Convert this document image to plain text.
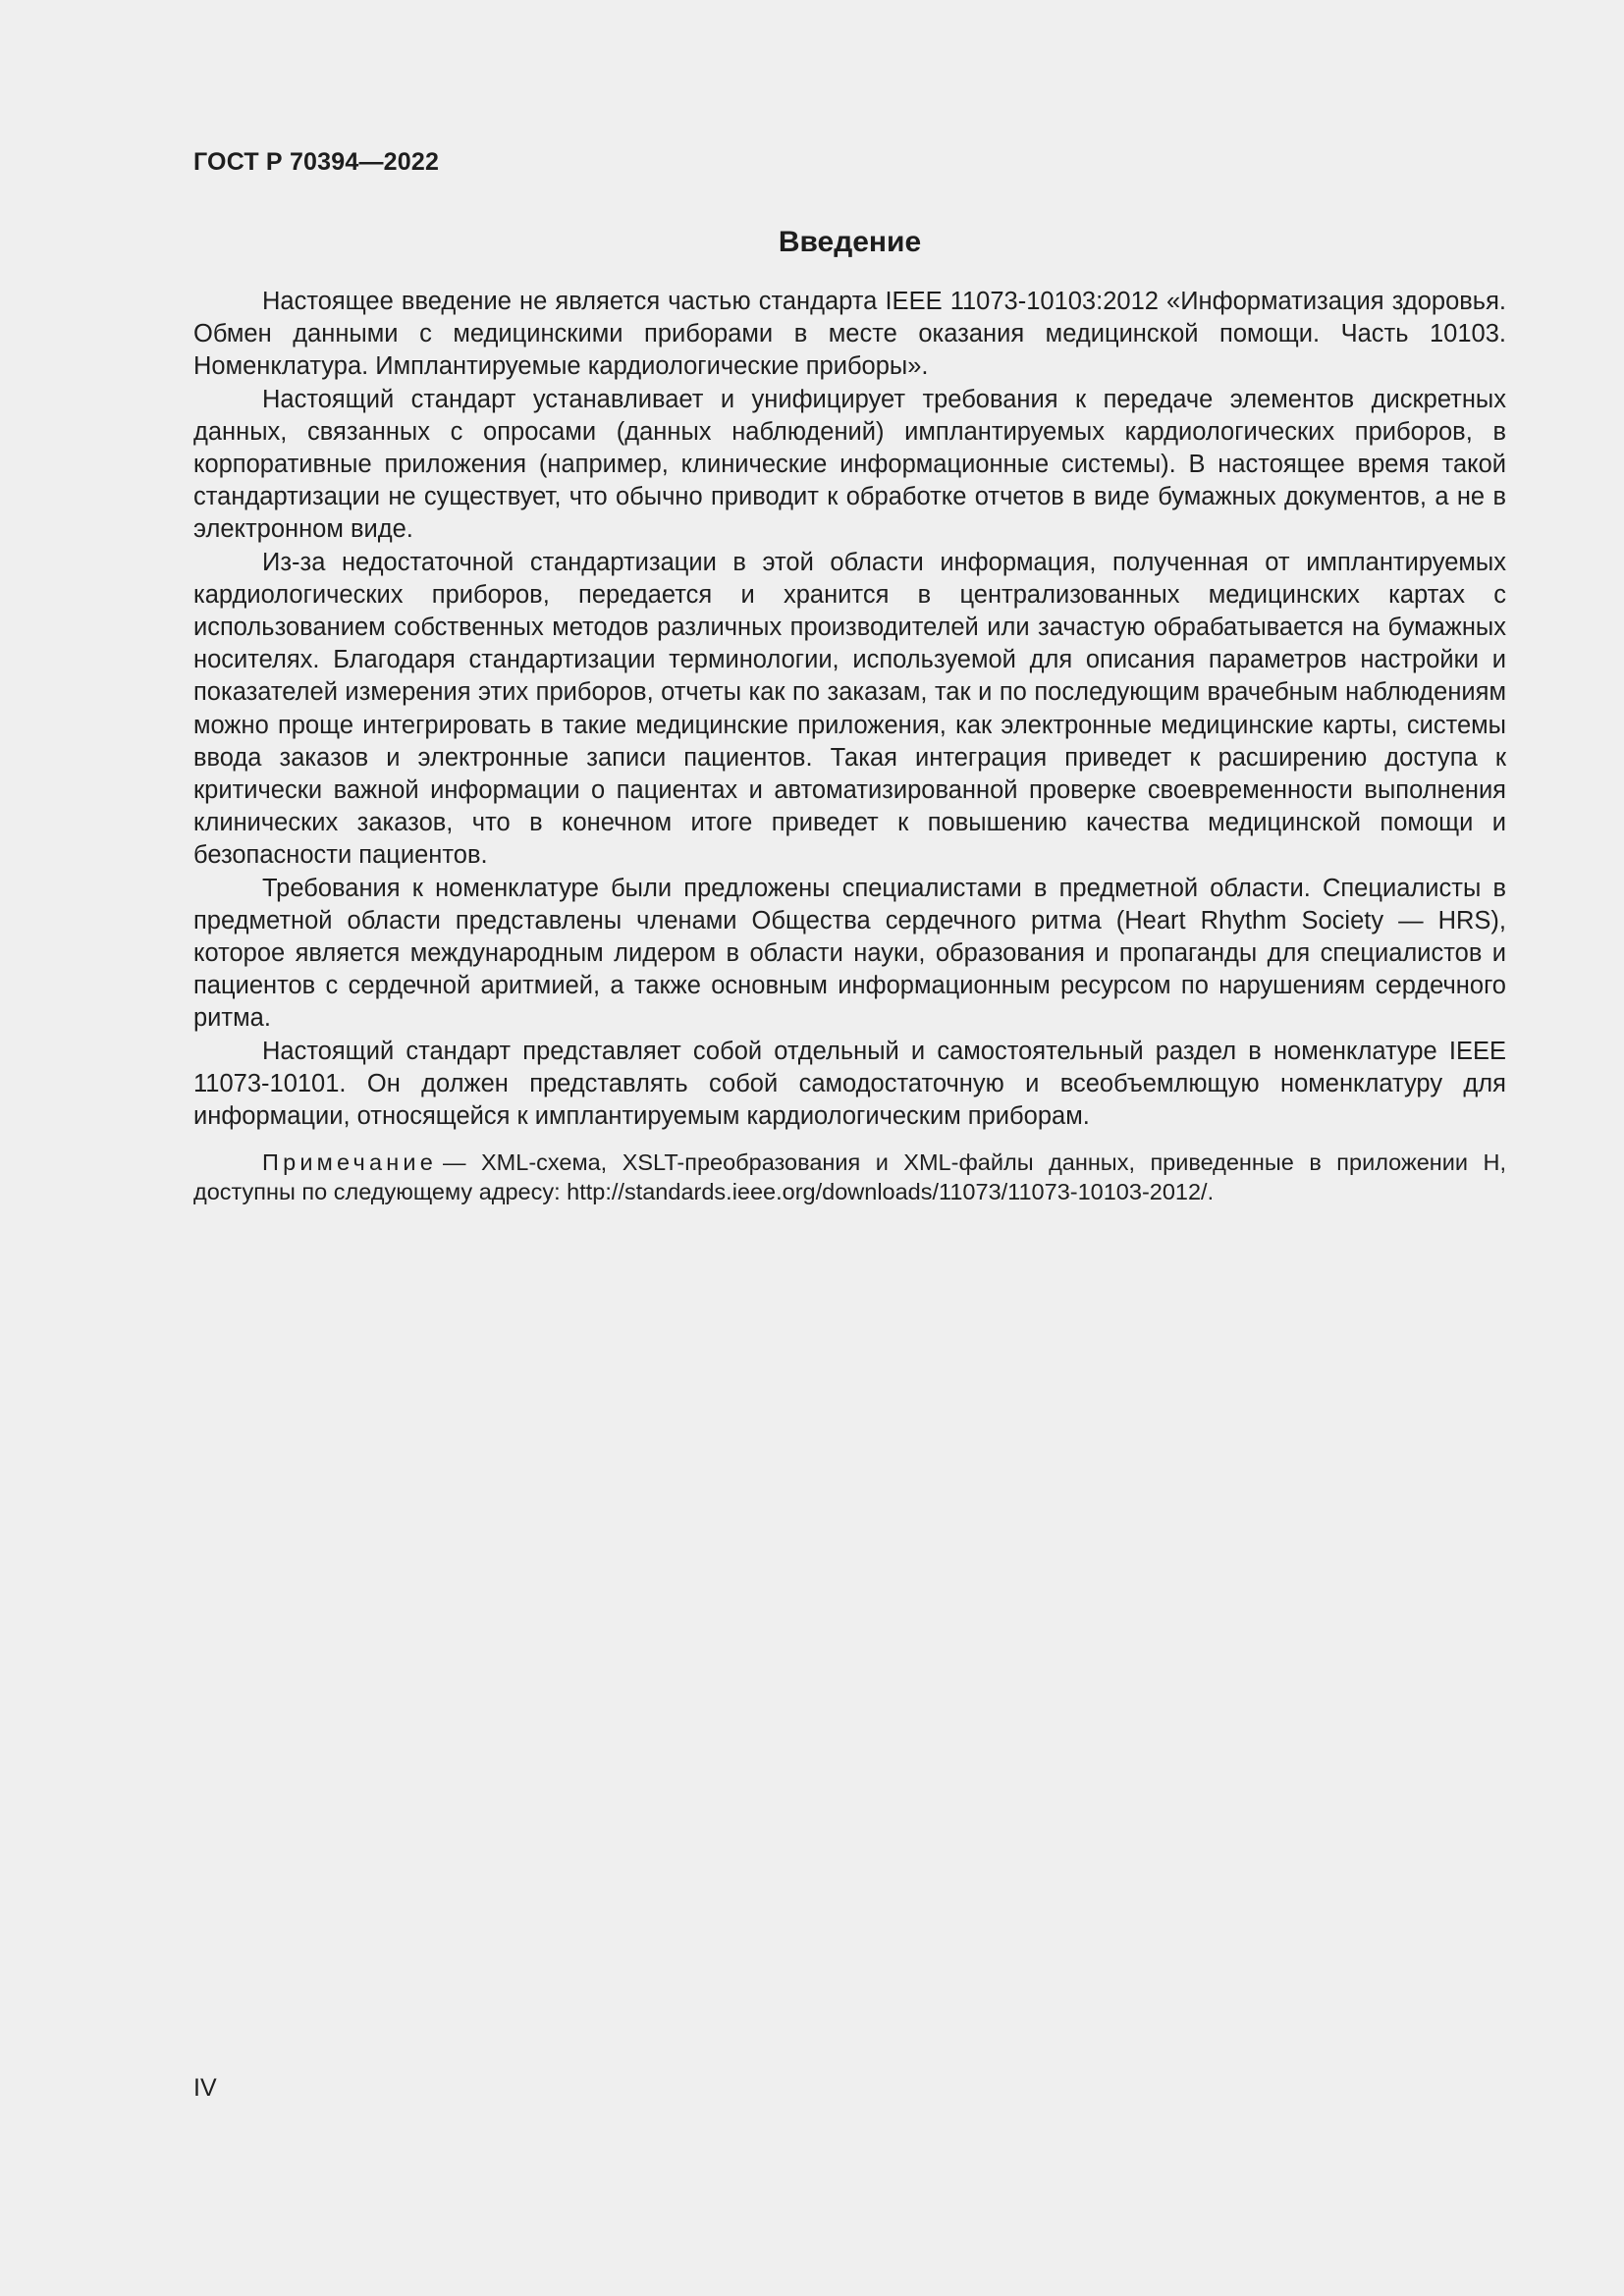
ГОСТ Р 70394—2022
Введение

Настоящее введение не является частью стандарта IEEE 11073-10103:2012 «Информатизация здоровья. Обмен данными с медицинскими приборами в месте оказания медицинской помощи. Часть 10103. Номенклатура. Имплантируемые кардиологические приборы».

Настоящий стандарт устанавливает и унифицирует требования к передаче элементов дискретных данных, связанных с опросами (данных наблюдений) имплантируемых кардиологических приборов, в корпоративные приложения (например, клинические информационные системы). В настоящее время такой стандартизации не существует, что обычно приводит к обработке отчетов в виде бумажных документов, а не в электронном виде.

Из-за недостаточной стандартизации в этой области информация, полученная от имплантируемых кардиологических приборов, передается и хранится в централизованных медицинских картах с использованием собственных методов различных производителей или зачастую обрабатывается на бумажных носителях. Благодаря стандартизации терминологии, используемой для описания параметров настройки и показателей измерения этих приборов, отчеты как по заказам, так и по последующим врачебным наблюдениям можно проще интегрировать в такие медицинские приложения, как электронные медицинские карты, системы ввода заказов и электронные записи пациентов. Такая интеграция приведет к расширению доступа к критически важной информации о пациентах и автоматизированной проверке своевременности выполнения клинических заказов, что в конечном итоге приведет к повышению качества медицинской помощи и безопасности пациентов.

Требования к номенклатуре были предложены специалистами в предметной области. Специалисты в предметной области представлены членами Общества сердечного ритма (Heart Rhythm Society — HRS), которое является международным лидером в области науки, образования и пропаганды для специалистов и пациентов с сердечной аритмией, а также основным информационным ресурсом по нарушениям сердечного ритма.

Настоящий стандарт представляет собой отдельный и самостоятельный раздел в номенклатуре IEEE 11073-10101. Он должен представлять собой самодостаточную и всеобъемлющую номенклатуру для информации, относящейся к имплантируемым кардиологическим приборам.

Примечание — XML-схема, XSLT-преобразования и XML-файлы данных, приведенные в приложении H, доступны по следующему адресу: http://standards.ieee.org/downloads/11073/11073-10103-2012/.

IV
